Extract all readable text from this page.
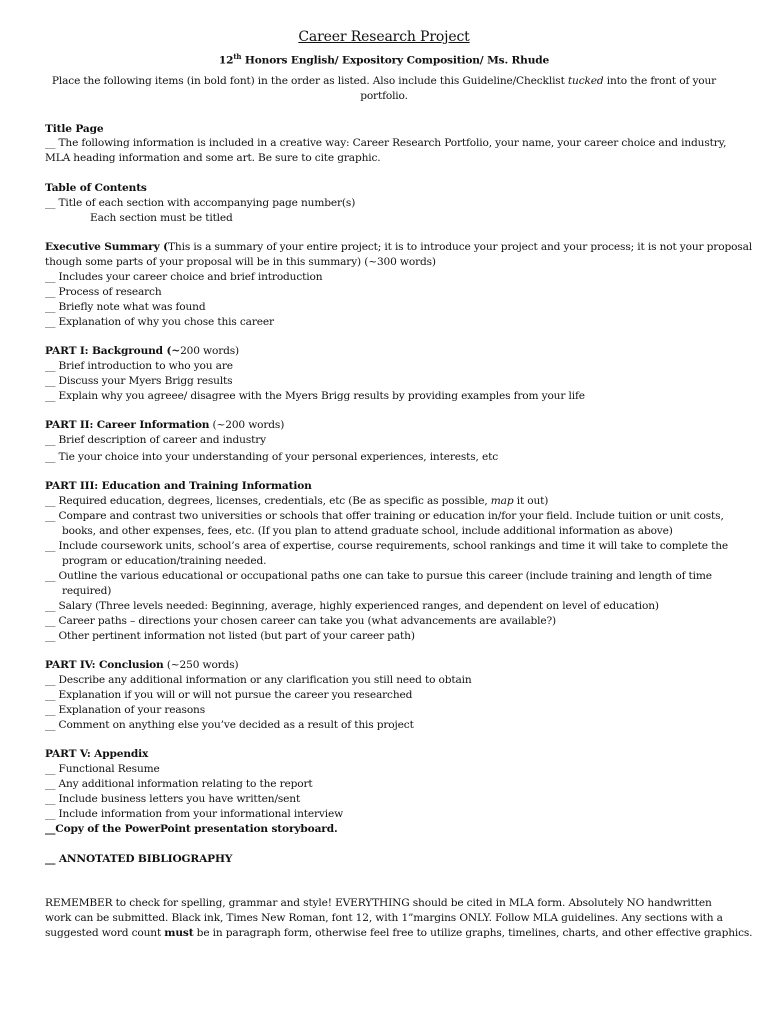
Career Research Project
12th Honors English/ Expository Composition/ Ms. Rhude
Place the following items (in bold font) in the order as listed. Also include this Guideline/Checklist tucked into the front of your
portfolio.
Title Page
__ The following information is included in a creative way: Career Research Portfolio, your name, your career choice and industry,
MLA heading information and some art. Be sure to cite graphic.
Table of Contents
__ Title of each section with accompanying page number(s)
Each section must be titled
Executive Summary (This is a summary of your entire project; it is to introduce your project and your process; it is not your proposal
though some parts of your proposal will be in this summary) (~300 words)
__ Includes your career choice and brief introduction
__ Process of research
__ Briefly note what was found
__ Explanation of why you chose this career
PART I: Background (~200 words)
__ Brief introduction to who you are
__ Discuss your Myers Brigg results
__ Explain why you agreee/ disagree with the Myers Brigg results by providing examples from your life
PART II: Career Information (~200 words)
__ Brief description of career and industry
__ Tie your choice into your understanding of your personal experiences, interests, etc
PART III: Education and Training Information
__ Required education, degrees, licenses, credentials, etc (Be as specific as possible, map it out)
__ Compare and contrast two universities or schools that offer training or education in/for your field. Include tuition or unit costs,
books, and other expenses, fees, etc. (If you plan to attend graduate school, include additional information as above)
__ Include coursework units, school’s area of expertise, course requirements, school rankings and time it will take to complete the
program or education/training needed.
__ Outline the various educational or occupational paths one can take to pursue this career (include training and length of time
required)
__ Salary (Three levels needed: Beginning, average, highly experienced ranges, and dependent on level of education)
__ Career paths – directions your chosen career can take you (what advancements are available?)
__ Other pertinent information not listed (but part of your career path)
PART IV: Conclusion (~250 words)
__ Describe any additional information or any clarification you still need to obtain
__ Explanation if you will or will not pursue the career you researched
__ Explanation of your reasons
__ Comment on anything else you’ve decided as a result of this project
PART V: Appendix
__ Functional Resume
__ Any additional information relating to the report
__ Include business letters you have written/sent
__ Include information from your informational interview
__Copy of the PowerPoint presentation storyboard.
__ ANNOTATED BIBLIOGRAPHY
REMEMBER to check for spelling, grammar and style! EVERYTHING should be cited in MLA form. Absolutely NO handwritten
work can be submitted. Black ink, Times New Roman, font 12, with 1”margins ONLY. Follow MLA guidelines. Any sections with a
suggested word count must be in paragraph form, otherwise feel free to utilize graphs, timelines, charts, and other effective graphics.
